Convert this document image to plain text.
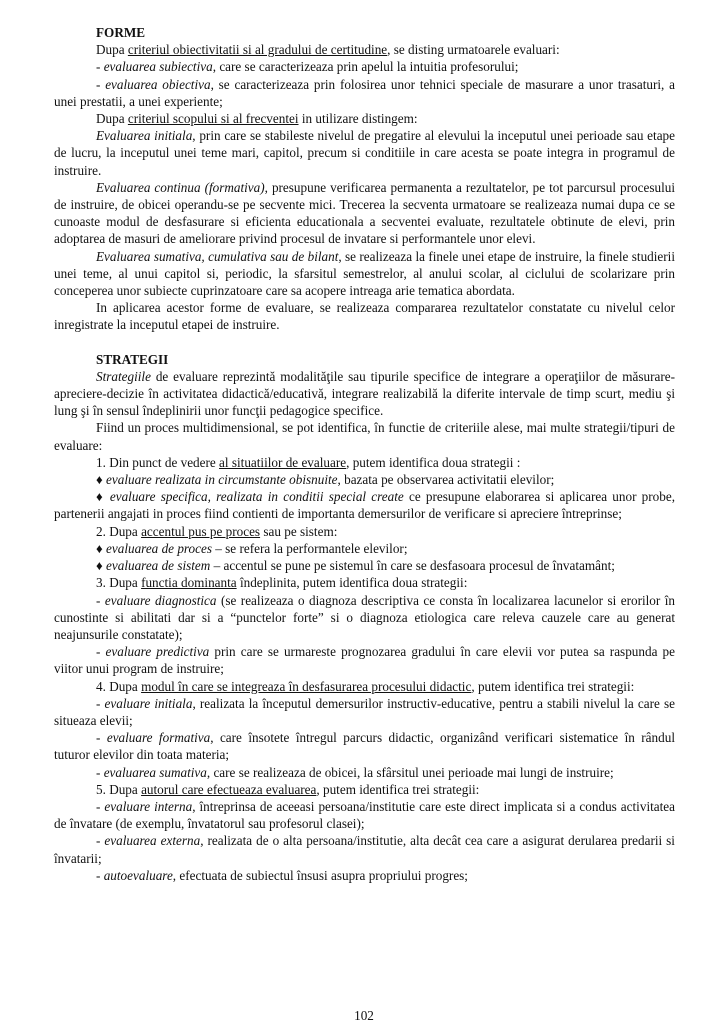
FORME

Dupa criteriul obiectivitatii si al gradului de certitudine, se disting urmatoarele evaluari:

- evaluarea subiectiva, care se caracterizeaza prin apelul la intuitia profesorului;

- evaluarea obiectiva, se caracterizeaza prin folosirea unor tehnici speciale de masurare a unor trasaturi, a unei prestatii, a unei experiente;

Dupa criteriul scopului si al frecventei in utilizare distingem:

Evaluarea initiala, prin care se stabileste nivelul de pregatire al elevului la inceputul unei perioade sau etape de lucru, la inceputul unei teme mari, capitol, precum si conditiile in care acesta se poate integra in programul de instruire.

Evaluarea continua (formativa), presupune verificarea permanenta a rezultatelor, pe tot parcursul procesului de instruire, de obicei operandu-se pe secvente mici. Trecerea la secventa urmatoare se realizeaza numai dupa ce se cunoaste modul de desfasurare si eficienta educationala a secventei evaluate, rezultatele obtinute de elevi, prin adoptarea de masuri de ameliorare privind procesul de invatare si performantele unor elevi.

Evaluarea sumativa, cumulativa sau de bilant, se realizeaza la finele unei etape de instruire, la finele studierii unei teme, al unui capitol si, periodic, la sfarsitul semestrelor, al anului scolar, al ciclului de scolarizare prin conceperea unor subiecte cuprinzatoare care sa acopere intreaga arie tematica abordata.

In aplicarea acestor forme de evaluare, se realizeaza compararea rezultatelor constatate cu nivelul celor inregistrate la inceputul etapei de instruire.

STRATEGII

Strategiile de evaluare reprezintă modalităţile sau tipurile specifice de integrare a operaţiilor de măsurare-apreciere-decizie în activitatea didactică/educativă, integrare realizabilă la diferite intervale de timp scurt, mediu şi lung şi în sensul îndeplinirii unor funcţii pedagogice specifice.

Fiind un proces multidimensional, se pot identifica, în functie de criteriile alese, mai multe strategii/tipuri de evaluare:

1. Din punct de vedere al situatiilor de evaluare, putem identifica doua strategii :

♦ evaluare realizata in circumstante obisnuite, bazata pe observarea activitatii elevilor;

♦ evaluare specifica, realizata in conditii special create ce presupune elaborarea si aplicarea unor probe, partenerii angajati in proces fiind contienti de importanta demersurilor de verificare si apreciere întreprinse;

2. Dupa accentul pus pe proces sau pe sistem:

♦ evaluarea de proces – se refera la performantele elevilor;

♦ evaluarea de sistem – accentul se pune pe sistemul în care se desfasoara procesul de învatamânt;

3. Dupa functia dominanta îndeplinita, putem identifica doua strategii:

- evaluare diagnostica (se realizeaza o diagnoza descriptiva ce consta în localizarea lacunelor si erorilor în cunostinte si abilitati dar si a “punctelor forte” si o diagnoza etiologica care releva cauzele care au generat neajunsurile constatate);

- evaluare predictiva prin care se urmareste prognozarea gradului în care elevii vor putea sa raspunda pe viitor unui program de instruire;

4. Dupa modul în care se integreaza în desfasurarea procesului didactic, putem identifica trei strategii:

- evaluare initiala, realizata la începutul demersurilor instructiv-educative, pentru a stabili nivelul la care se situeaza elevii;

- evaluare formativa, care însotete întregul parcurs didactic, organizând verificari sistematice în rândul tuturor elevilor din toata materia;

- evaluarea sumativa, care se realizeaza de obicei, la sfârsitul unei perioade mai lungi de instruire;

5. Dupa autorul care efectueaza evaluarea, putem identifica trei strategii:

- evaluare interna, întreprinsa de aceeasi persoana/institutie care este direct implicata si a condus activitatea de învatare (de exemplu, învatatorul sau profesorul clasei);

- evaluarea externa, realizata de o alta persoana/institutie, alta decât cea care a asigurat derularea predarii si învatarii;

- autoevaluare, efectuata de subiectul însusi asupra propriului progres;

102
